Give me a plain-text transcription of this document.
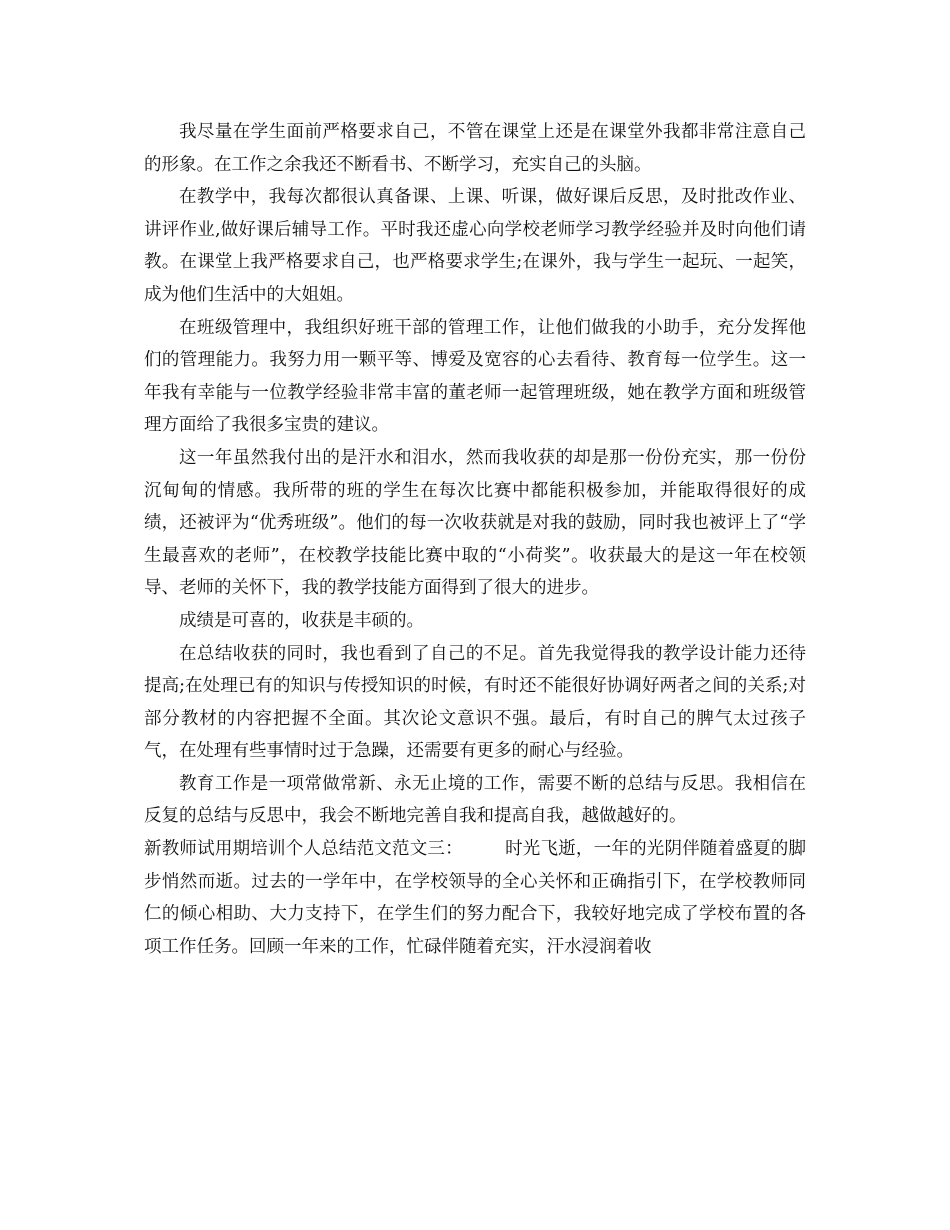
我尽量在学生面前严格要求自己，不管在课堂上还是在课堂外我都非常注意自己的形象。在工作之余我还不断看书、不断学习，充实自己的头脑。

在教学中，我每次都很认真备课、上课、听课，做好课后反思，及时批改作业、讲评作业,做好课后辅导工作。平时我还虚心向学校老师学习教学经验并及时向他们请教。在课堂上我严格要求自己，也严格要求学生;在课外，我与学生一起玩、一起笑，成为他们生活中的大姐姐。

在班级管理中，我组织好班干部的管理工作，让他们做我的小助手，充分发挥他们的管理能力。我努力用一颗平等、博爱及宽容的心去看待、教育每一位学生。这一年我有幸能与一位教学经验非常丰富的董老师一起管理班级，她在教学方面和班级管理方面给了我很多宝贵的建议。

这一年虽然我付出的是汗水和泪水，然而我收获的却是那一份份充实，那一份份沉甸甸的情感。我所带的班的学生在每次比赛中都能积极参加，并能取得很好的成绩，还被评为“优秀班级”。他们的每一次收获就是对我的鼓励，同时我也被评上了“学生最喜欢的老师”，在校教学技能比赛中取的“小荷奖”。收获最大的是这一年在校领导、老师的关怀下，我的教学技能方面得到了很大的进步。

成绩是可喜的，收获是丰硕的。

在总结收获的同时，我也看到了自己的不足。首先我觉得我的教学设计能力还待提高;在处理已有的知识与传授知识的时候，有时还不能很好协调好两者之间的关系;对部分教材的内容把握不全面。其次论文意识不强。最后，有时自己的脾气太过孩子气，在处理有些事情时过于急躁，还需要有更多的耐心与经验。

教育工作是一项常做常新、永无止境的工作，需要不断的总结与反思。我相信在反复的总结与反思中，我会不断地完善自我和提高自我，越做越好的。

新教师试用期培训个人总结范文范文三： 时光飞逝，一年的光阴伴随着盛夏的脚步悄然而逝。过去的一学年中，在学校领导的全心关怀和正确指引下，在学校教师同仁的倾心相助、大力支持下，在学生们的努力配合下，我较好地完成了学校布置的各项工作任务。回顾一年来的工作，忙碌伴随着充实，汗水浸润着收
